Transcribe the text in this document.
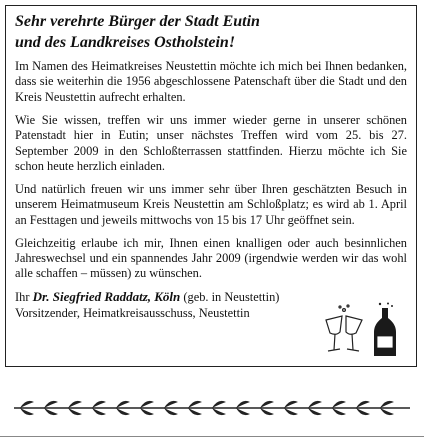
Sehr verehrte Bürger der Stadt Eutin
und des Landkreises Ostholstein!

Im Namen des Heimatkreises Neustettin möchte ich mich bei Ihnen bedanken, dass sie weiterhin die 1956 abgeschlossene Patenschaft über die Stadt und den Kreis Neustettin aufrecht erhalten.

Wie Sie wissen, treffen wir uns immer wieder gerne in unserer schönen Patenstadt hier in Eutin; unser nächstes Treffen wird vom 25. bis 27. September 2009 in den Schloßterrassen stattfinden. Hierzu möchte ich Sie schon heute herzlich einladen.

Und natürlich freuen wir uns immer sehr über Ihren geschätzten Besuch in unserem Heimatmuseum Kreis Neustettin am Schloßplatz; es wird ab 1. April an Festtagen und jeweils mittwochs von 15 bis 17 Uhr geöffnet sein.

Gleichzeitig erlaube ich mir, Ihnen einen knalligen oder auch besinnlichen Jahreswechsel und ein spannendes Jahr 2009 (irgendwie werden wir das wohl alle schaffen – müssen) zu wünschen.

Ihr Dr. Siegfried Raddatz, Köln (geb. in Neustettin)
Vorsitzender, Heimatkreisausschuss, Neustettin
